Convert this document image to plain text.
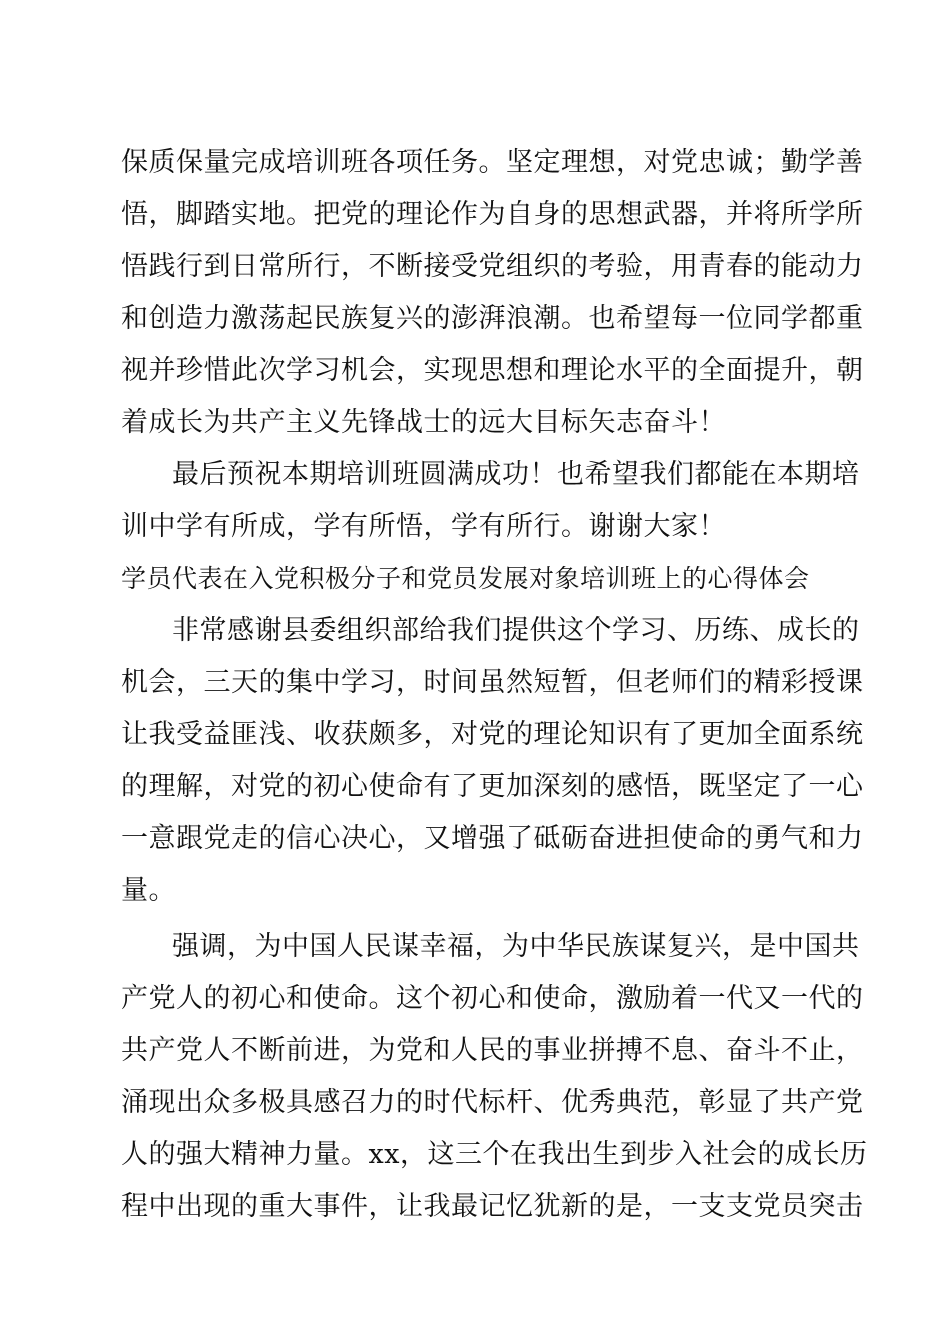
保质保量完成培训班各项任务。坚定理想，对党忠诚；勤学善
悟，脚踏实地。把党的理论作为自身的思想武器，并将所学所
悟践行到日常所行，不断接受党组织的考验，用青春的能动力
和创造力激荡起民族复兴的澎湃浪潮。也希望每一位同学都重
视并珍惜此次学习机会，实现思想和理论水平的全面提升，朝
着成长为共产主义先锋战士的远大目标矢志奋斗！
最后预祝本期培训班圆满成功！也希望我们都能在本期培
训中学有所成，学有所悟，学有所行。谢谢大家！
学员代表在入党积极分子和党员发展对象培训班上的心得体会
非常感谢县委组织部给我们提供这个学习、历练、成长的
机会，三天的集中学习，时间虽然短暂，但老师们的精彩授课
让我受益匪浅、收获颇多，对党的理论知识有了更加全面系统
的理解，对党的初心使命有了更加深刻的感悟，既坚定了一心
一意跟党走的信心决心，又增强了砥砺奋进担使命的勇气和力
量。
强调，为中国人民谋幸福，为中华民族谋复兴，是中国共
产党人的初心和使命。这个初心和使命，激励着一代又一代的
共产党人不断前进，为党和人民的事业拼搏不息、奋斗不止，
涌现出众多极具感召力的时代标杆、优秀典范，彰显了共产党
人的强大精神力量。xx，这三个在我出生到步入社会的成长历
程中出现的重大事件，让我最记忆犹新的是，一支支党员突击
